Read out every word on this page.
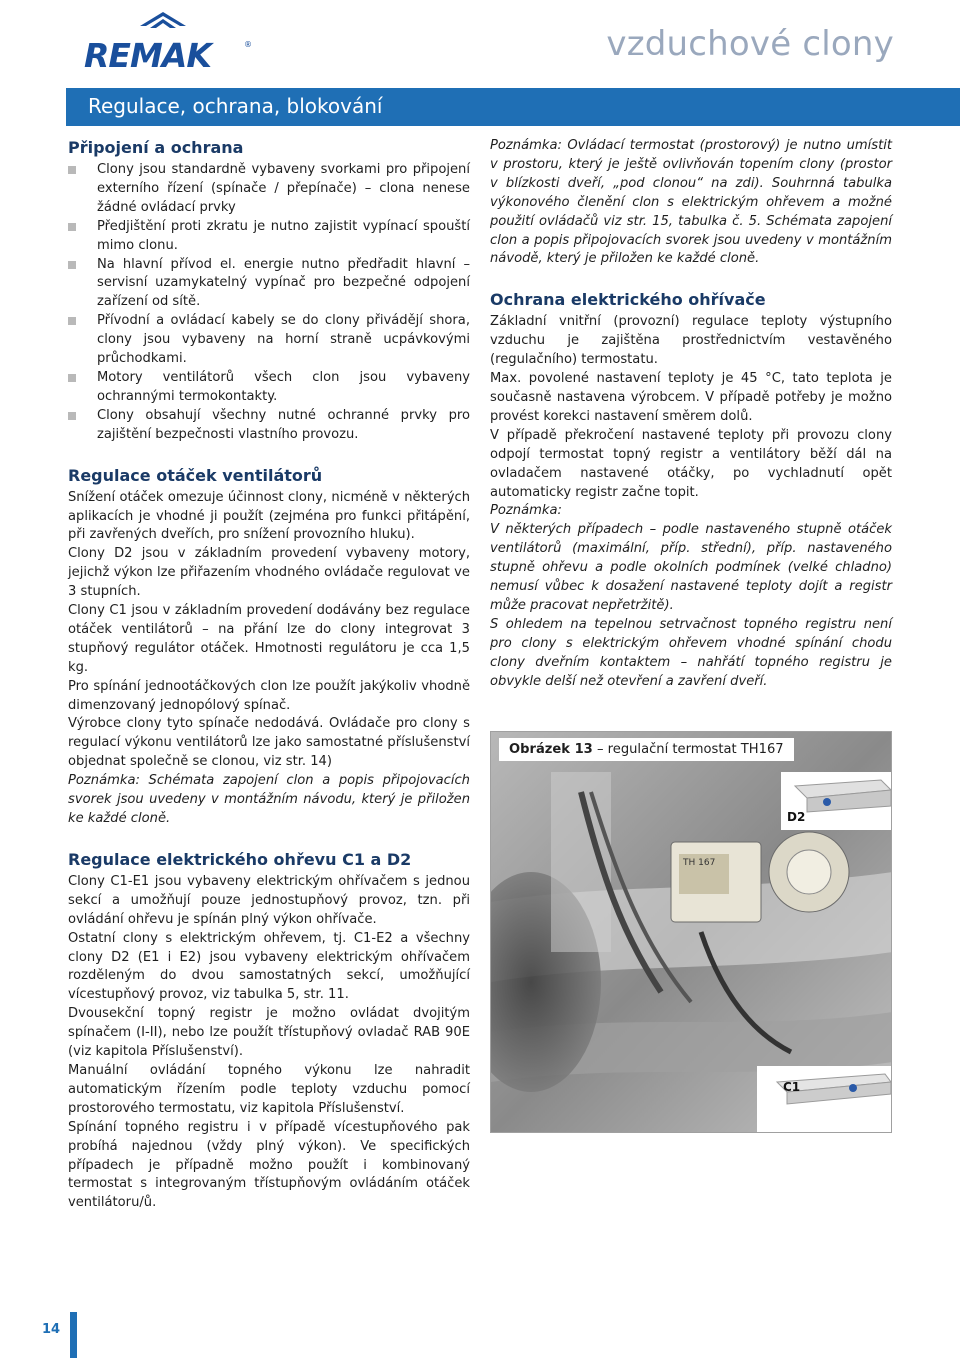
REMAK	®	vzduchové clony
Regulace, ochrana, blokování
Připojení a ochrana
Clony jsou standardně vybaveny svorkami pro připojení externího řízení (spínače / přepínače) – clona nenese žádné ovládací prvky
Předjištění proti zkratu je nutno zajistit vypínací spouští mimo clonu.
Na hlavní přívod el. energie nutno předřadit hlavní – servisní uzamykatelný vypínač pro bezpečné odpojení zařízení od sítě.
Přívodní a ovládací kabely se do clony přivádějí shora, clony jsou vybaveny na horní straně ucpávkovými průchodkami.
Motory ventilátorů všech clon jsou vybaveny ochrannými termokontakty.
Clony obsahují všechny nutné ochranné prvky pro zajištění bezpečnosti vlastního provozu.
Regulace otáček ventilátorů

Snížení otáček omezuje účinnost clony, nicméně v některých aplikacích je vhodné ji použít (zejména pro funkci přitápění, při zavřených dveřích, pro snížení provozního hluku).

Clony D2 jsou v základním provedení vybaveny motory, jejichž výkon lze přiřazením vhodného ovládače regulovat ve 3 stupních.

Clony C1 jsou v základním provedení dodávány bez regulace otáček ventilátorů – na přání lze do clony integrovat 3 stupňový regulátor otáček. Hmotnosti regulátoru je cca 1,5 kg.

Pro spínání jednootáčkových clon lze použít jakýkoliv vhodně dimenzovaný jednopólový spínač.

Výrobce clony tyto spínače nedodává. Ovládače pro clony s regulací výkonu ventilátorů lze jako samostatné příslušenství objednat společně se clonou, viz str. 14)

Poznámka: Schémata zapojení clon a popis připojovacích svorek jsou uvedeny v montážním návodu, který je přiložen ke každé cloně.

Regulace elektrického ohřevu C1 a D2

Clony C1-E1 jsou vybaveny elektrickým ohřívačem s jednou sekcí a umožňují pouze jednostupňový provoz, tzn. při ovládání ohřevu je spínán plný výkon ohřívače.

Ostatní clony s elektrickým ohřevem, tj. C1-E2 a všechny clony D2 (E1 i E2) jsou vybaveny elektrickým ohřívačem rozděleným do dvou samostatných sekcí, umožňující vícestupňový provoz, viz tabulka 5, str. 11.

Dvousekční topný registr je možno ovládat dvojitým spínačem (I-II), nebo lze použít třístupňový ovladač RAB 90E (viz kapitola Příslušenství).

Manuální ovládání topného výkonu lze nahradit automatickým řízením podle teploty vzduchu pomocí prostorového termostatu, viz kapitola Příslušenství.

Spínání topného registru i v případě vícestupňového pak probíhá najednou (vždy plný výkon). Ve specifických případech je případně možno použít i kombinovaný termostat s integrovaným třístupňovým ovládáním otáček ventilátoru/ů.

Poznámka: Ovládací termostat (prostorový) je nutno umístit v prostoru, který je ještě ovlivňován topením clony (prostor v blízkosti dveří, „pod clonou“ na zdi). Souhrnná tabulka výkonového členění clon s elektrickým ohřevem a možné použití ovládačů viz str. 15, tabulka č. 5. Schémata zapojení clon a popis připojovacích svorek jsou uvedeny v montážním návodě, který je přiložen ke každé cloně.

Ochrana elektrického ohřívače

Základní vnitřní (provozní) regulace teploty výstupního vzduchu je zajištěna prostřednictvím vestavěného (regulačního) termostatu.

Max. povolené nastavení teploty je 45 °C, tato teplota je současně nastavena výrobcem. V případě potřeby je možno provést korekci nastavení směrem dolů.

V případě překročení nastavené teploty při provozu clony odpojí termostat topný registr a ventilátory běží dál na ovladačem nastavené otáčky, po vychladnutí opět automaticky registr začne topit.

Poznámka:

V některých případech – podle nastaveného stupně otáček ventilátorů (maximální, příp. střední), příp. nastaveného stupně ohřevu a podle okolních podmínek (velké chladno) nemusí vůbec k dosažení nastavené teploty dojít a registr může pracovat nepřetržitě).

S ohledem na tepelnou setrvačnost topného registru není pro clony s elektrickým ohřevem vhodné spínání chodu clony dveřním kontaktem – nahřátí topného registru je obvykle delší než otevření a zavření dveří.

Obrázek 13 – regulační termostat TH167
TH 167
D2
C1
14
